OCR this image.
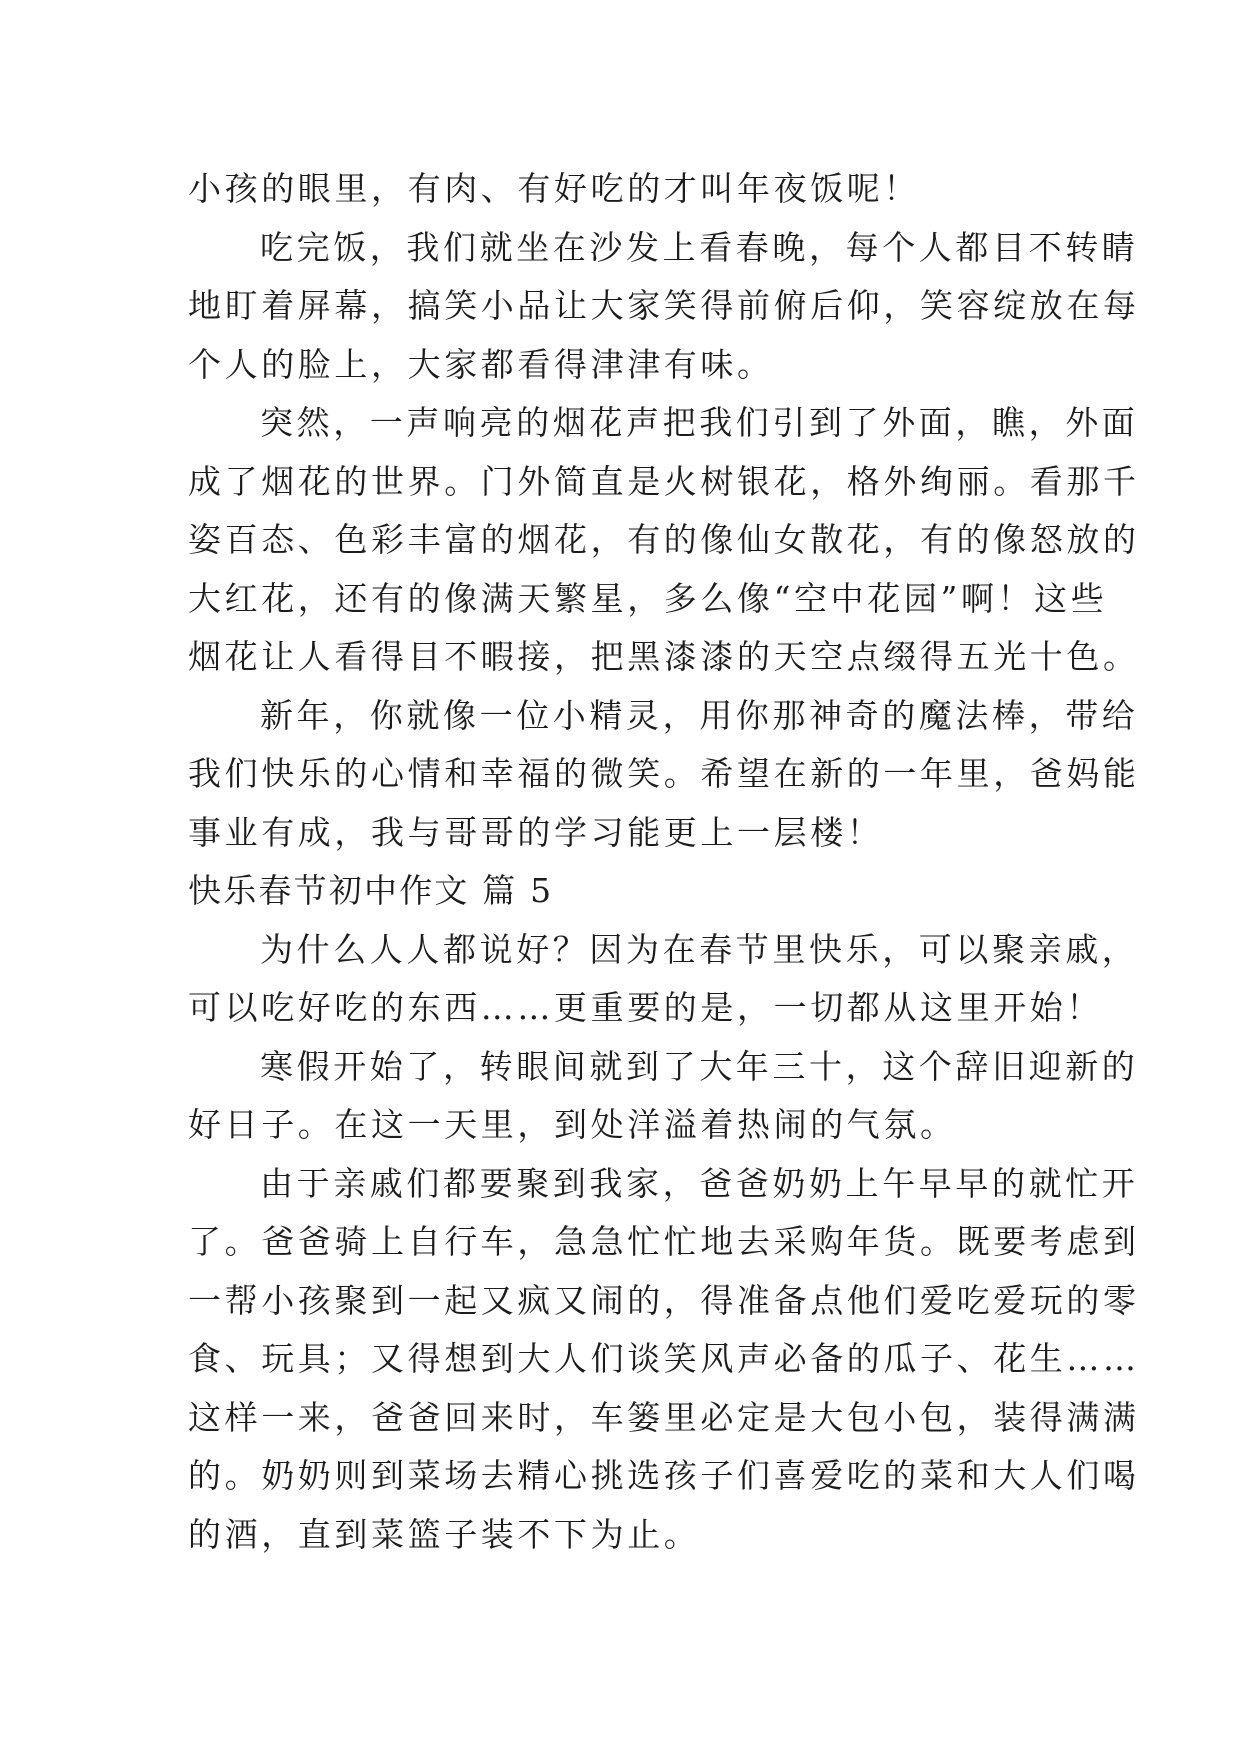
小孩的眼里，有肉、有好吃的才叫年夜饭呢！
吃完饭，我们就坐在沙发上看春晚，每个人都目不转睛
地盯着屏幕，搞笑小品让大家笑得前俯后仰，笑容绽放在每
个人的脸上，大家都看得津津有味。
突然，一声响亮的烟花声把我们引到了外面，瞧，外面
成了烟花的世界。门外简直是火树银花，格外绚丽。看那千
姿百态、色彩丰富的烟花，有的像仙女散花，有的像怒放的
大红花，还有的像满天繁星，多么像“空中花园”啊！这些
烟花让人看得目不暇接，把黑漆漆的天空点缀得五光十色。
新年，你就像一位小精灵，用你那神奇的魔法棒，带给
我们快乐的心情和幸福的微笑。希望在新的一年里，爸妈能
事业有成，我与哥哥的学习能更上一层楼！
快乐春节初中作文 篇 5
为什么人人都说好？因为在春节里快乐，可以聚亲戚，
可以吃好吃的东西……更重要的是，一切都从这里开始！
寒假开始了，转眼间就到了大年三十，这个辞旧迎新的
好日子。在这一天里，到处洋溢着热闹的气氛。
由于亲戚们都要聚到我家，爸爸奶奶上午早早的就忙开
了。爸爸骑上自行车，急急忙忙地去采购年货。既要考虑到
一帮小孩聚到一起又疯又闹的，得准备点他们爱吃爱玩的零
食、玩具；又得想到大人们谈笑风声必备的瓜子、花生……
这样一来，爸爸回来时，车篓里必定是大包小包，装得满满
的。奶奶则到菜场去精心挑选孩子们喜爱吃的菜和大人们喝
的酒，直到菜篮子装不下为止。
